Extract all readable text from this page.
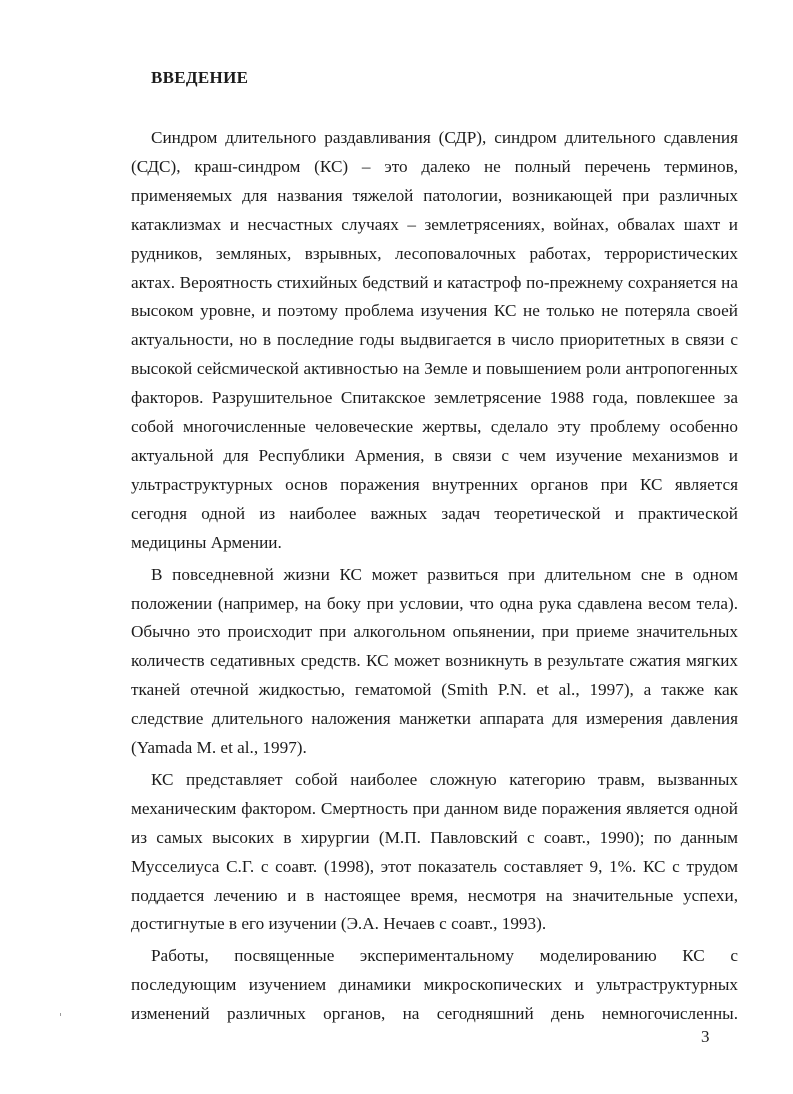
ВВЕДЕНИЕ

Синдром длительного раздавливания (СДР), синдром длительного сдавления (СДС), краш-синдром (КС) – это далеко не полный перечень терминов, применяемых для названия тяжелой патологии, возникающей при различных катаклизмах и несчастных случаях – землетрясениях, войнах, обвалах шахт и рудников, земляных, взрывных, лесоповалочных работах, террористических актах. Вероятность стихийных бедствий и катастроф по-прежнему сохраняется на высоком уровне, и поэтому проблема изучения КС не только не потеряла своей актуальности, но в последние годы выдвигается в число приоритетных в связи с высокой сейсмической активностью на Земле и повышением роли антропогенных факторов. Разрушительное Спитакское землетрясение 1988 года, повлекшее за собой многочисленные человеческие жертвы, сделало эту проблему особенно актуальной для Республики Армения, в связи с чем изучение механизмов и ультраструктурных основ поражения внутренних органов при КС является сегодня одной из наиболее важных задач теоретической и практической медицины Армении.

В повседневной жизни КС может развиться при длительном сне в одном положении (например, на боку при условии, что одна рука сдавлена весом тела). Обычно это происходит при алкогольном опьянении, при приеме значительных количеств седативных средств. КС может возникнуть в результате сжатия мягких тканей отечной жидкостью, гематомой (Smith P.N. et al., 1997), а также как следствие длительного наложения манжетки аппарата для измерения давления (Yamada M. et al., 1997).

КС представляет собой наиболее сложную категорию травм, вызванных механическим фактором. Смертность при данном виде поражения является одной из самых высоких в хирургии (М.П. Павловский с соавт., 1990); по данным Мусселиуса С.Г. с соавт. (1998), этот показатель составляет 9, 1%. КС с трудом поддается лечению и в настоящее время, несмотря на значительные успехи, достигнутые в его изучении (Э.А. Нечаев с соавт., 1993).

Работы, посвященные экспериментальному моделированию КС с последующим изучением динамики микроскопических и ультраструктурных изменений различных органов, на сегодняшний день немногочисленны.

3
